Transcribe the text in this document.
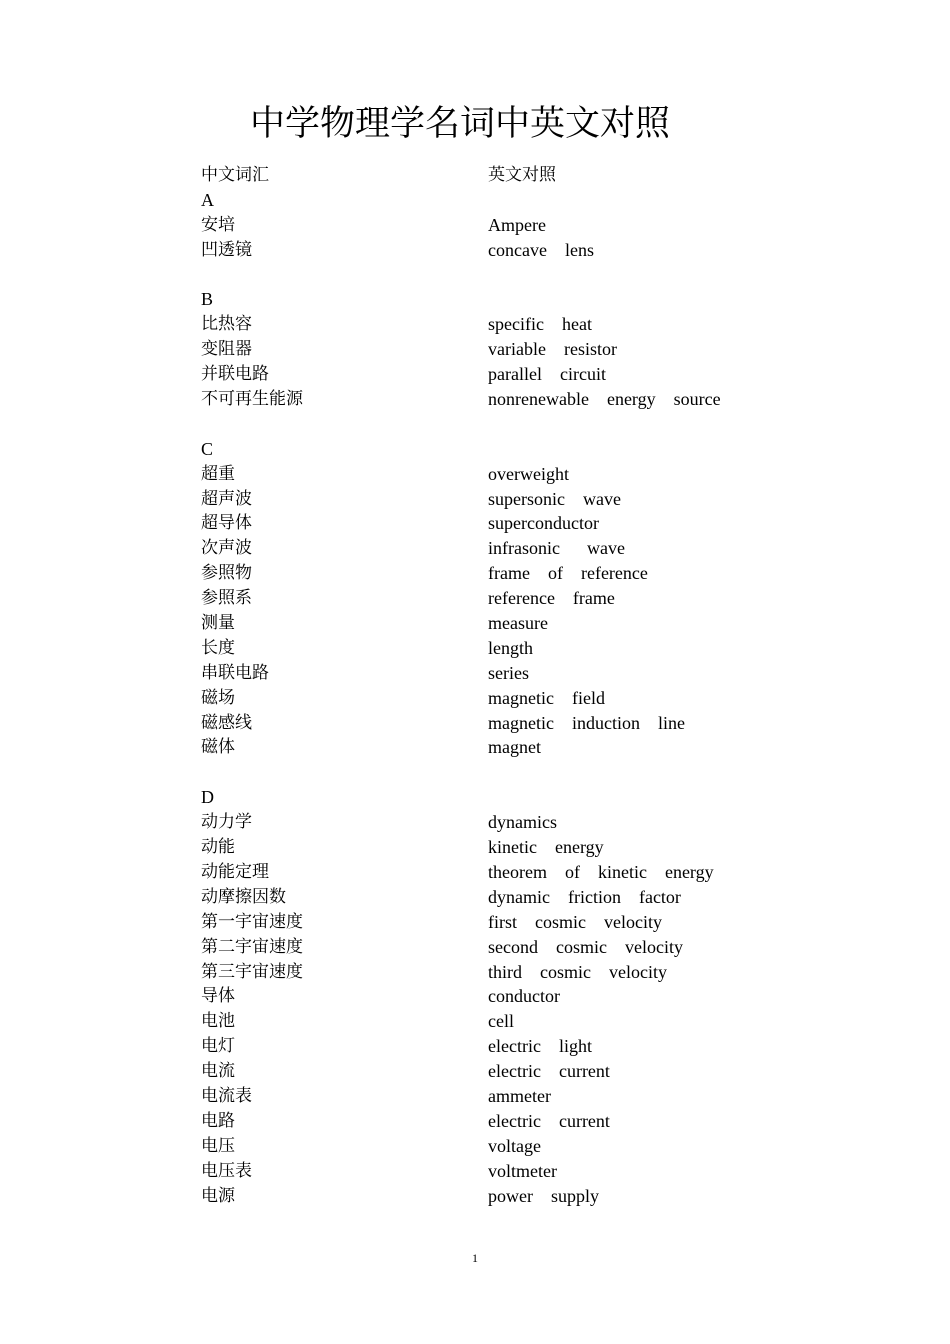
中学物理学名词中英文对照

中文词汇

	英文对照

A
安培	Ampere
凹透镜	concave    lens
B
比热容	specific    heat
变阻器	variable    resistor
并联电路	parallel    circuit
不可再生能源	nonrenewable    energy    source
C
超重	overweight
超声波	supersonic    wave
超导体	superconductor
次声波	infrasonic      wave
参照物	frame    of    reference
参照系	reference    frame
测量	measure
长度	length
串联电路	series
磁场	magnetic    field
磁感线	magnetic    induction    line
磁体	magnet
D
动力学	dynamics
动能	kinetic    energy
动能定理	theorem    of    kinetic    energy
动摩擦因数	dynamic    friction    factor
第一宇宙速度	first    cosmic    velocity
第二宇宙速度	second    cosmic    velocity
第三宇宙速度	third    cosmic    velocity
导体	conductor
电池	cell
电灯	electric    light
电流	electric    current
电流表	ammeter
电路	electric    current
电压	voltage
电压表	voltmeter
电源	power    supply
1
